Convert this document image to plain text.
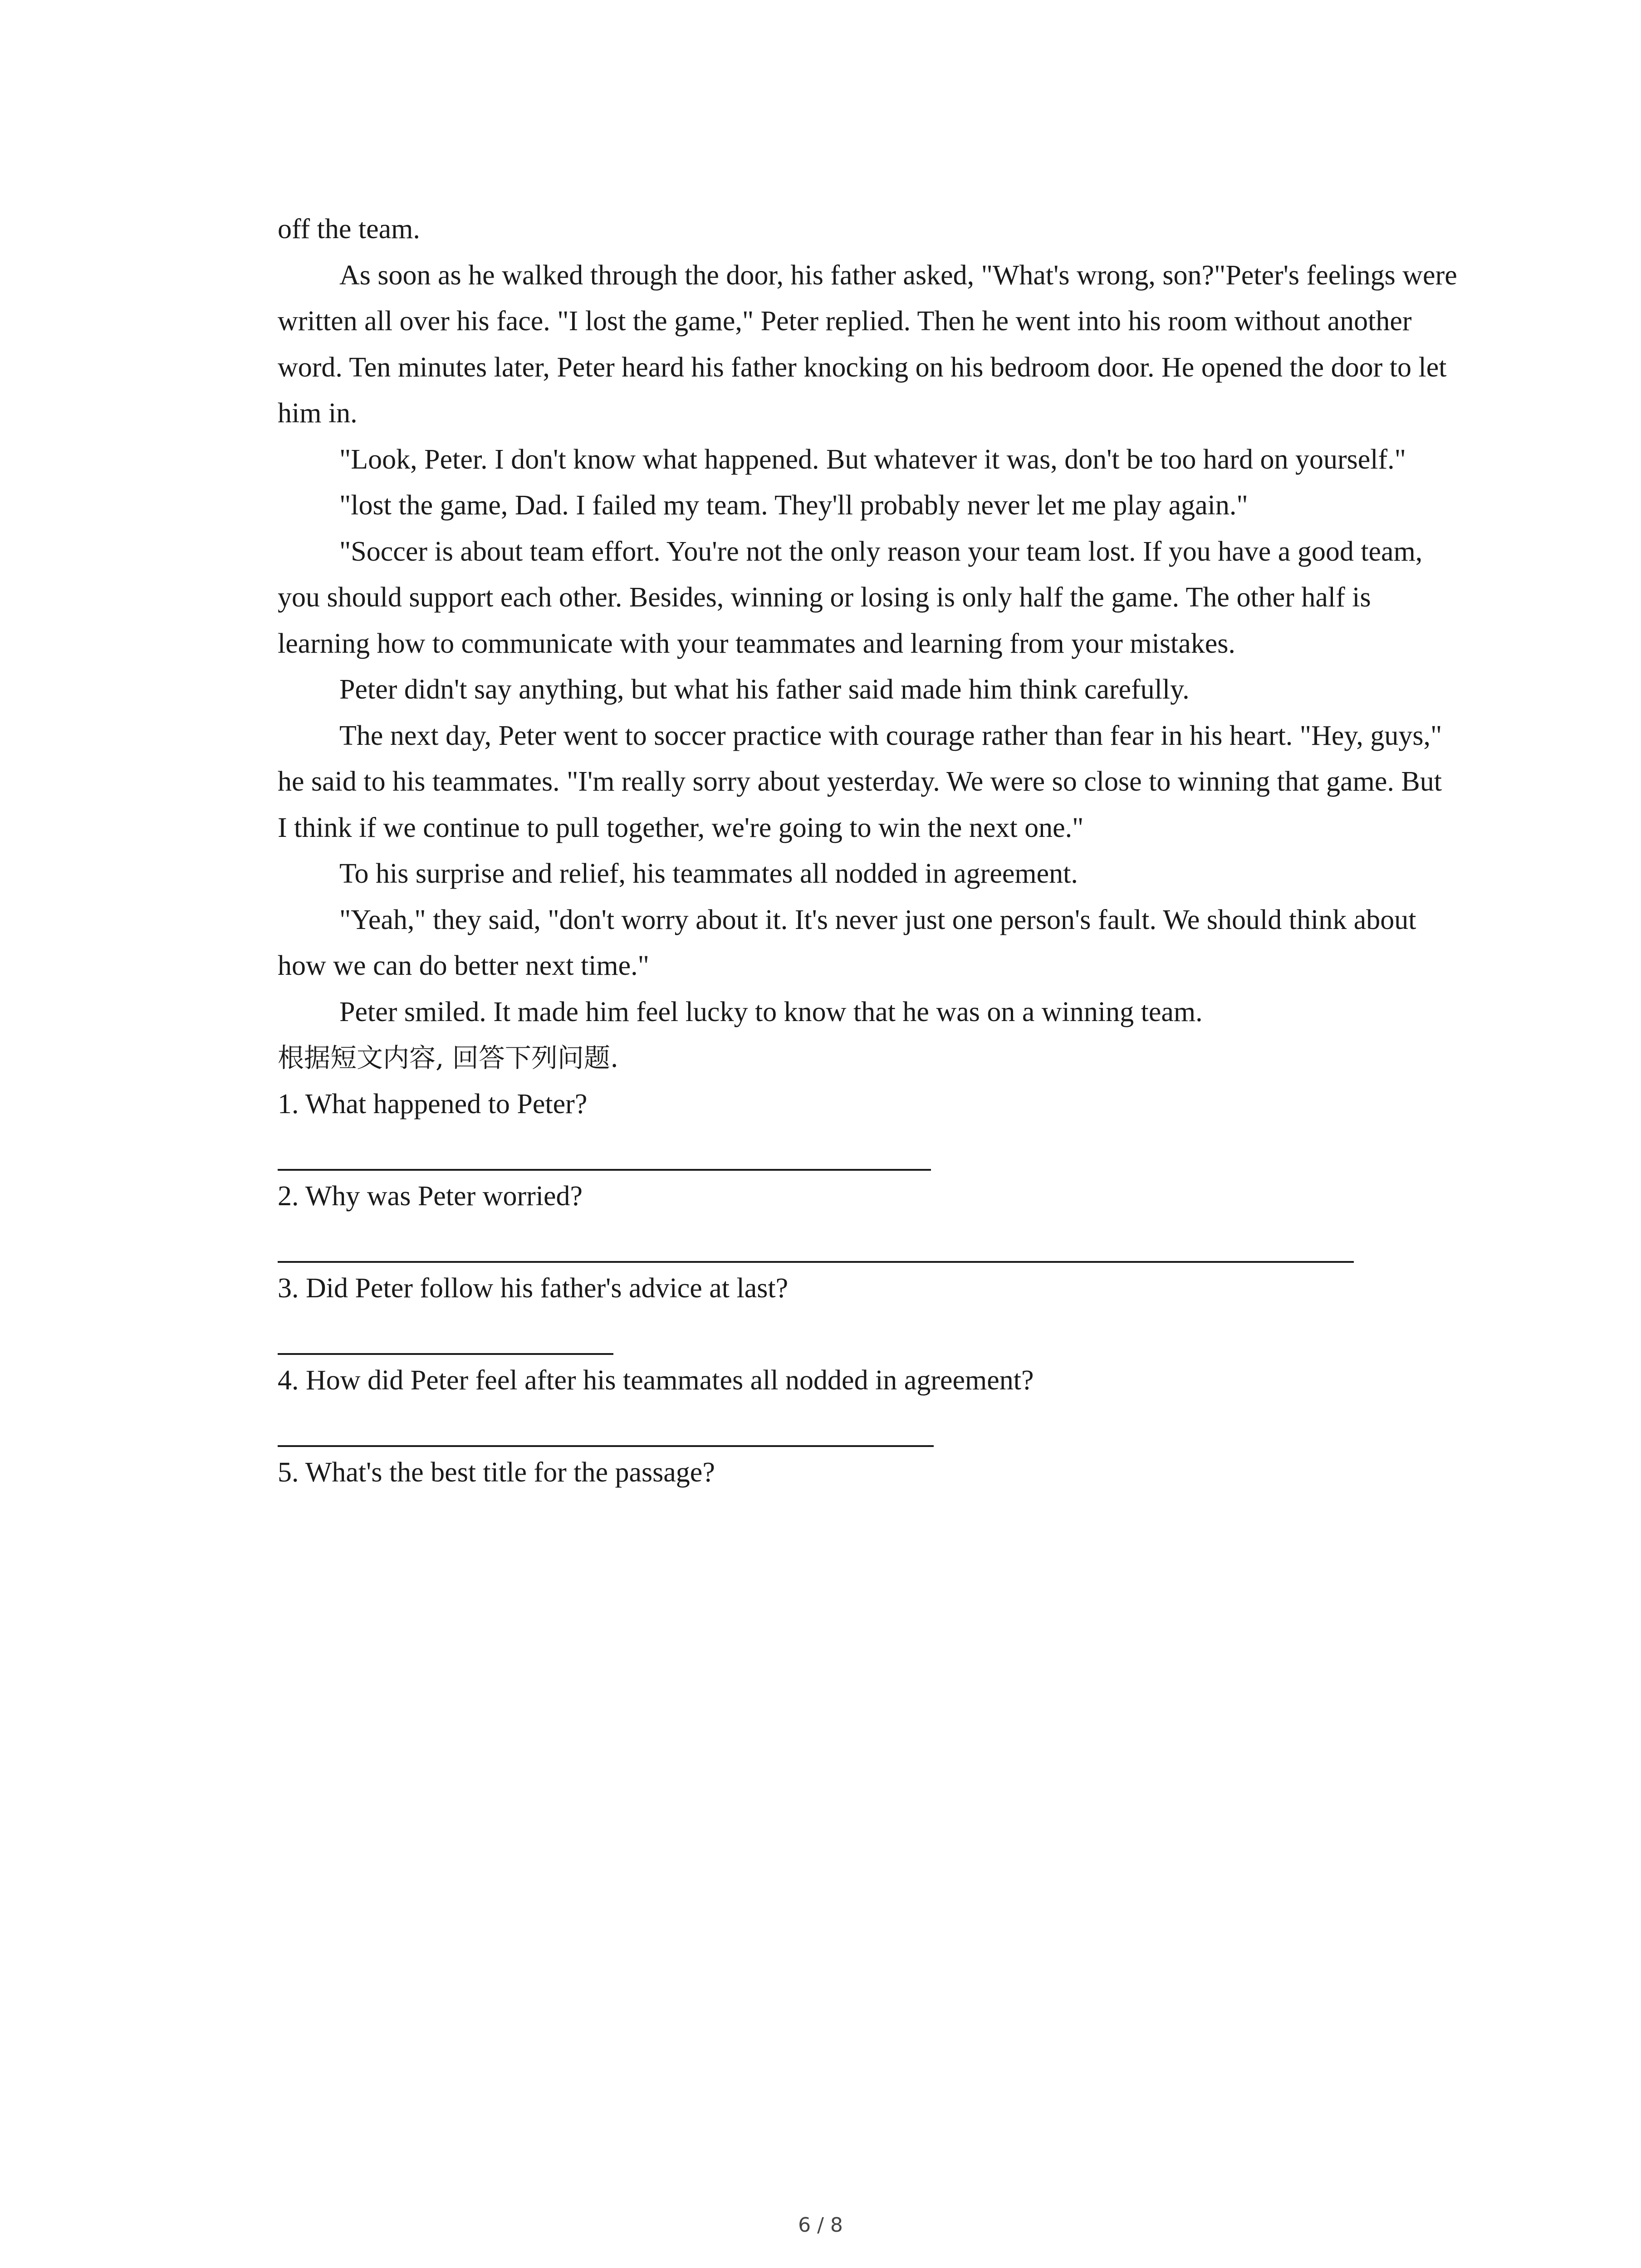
off the team.

As soon as he walked through the door, his father asked, "What's wrong, son?"Peter's feelings were written all over his face. "I lost the game," Peter replied. Then he went into his room without another word. Ten minutes later, Peter heard his father knocking on his bedroom door. He opened the door to let him in.

"Look, Peter. I don't know what happened. But whatever it was, don't be too hard on yourself."

"lost the game, Dad. I failed my team. They'll probably never let me play again."

"Soccer is about team effort. You're not the only reason your team lost. If you have a good team, you should support each other. Besides, winning or losing is only half the game. The other half is learning how to communicate with your teammates and learning from your mistakes.

Peter didn't say anything, but what his father said made him think carefully.

The next day, Peter went to soccer practice with courage rather than fear in his heart. "Hey, guys," he said to his teammates. "I'm really sorry about yesterday. We were so close to winning that game. But I think if we continue to pull together, we're going to win the next one."

To his surprise and relief, his teammates all nodded in agreement.

"Yeah," they said, "don't worry about it. It's never just one person's fault. We should think about how we can do better next time."

Peter smiled. It made him feel lucky to know that he was on a winning team.

根据短文内容, 回答下列问题.

1. What happened to Peter?

2. Why was Peter worried?

3. Did Peter follow his father's advice at last?

4. How did Peter feel after his teammates all nodded in agreement?

5. What's the best title for the passage?

6 / 8
